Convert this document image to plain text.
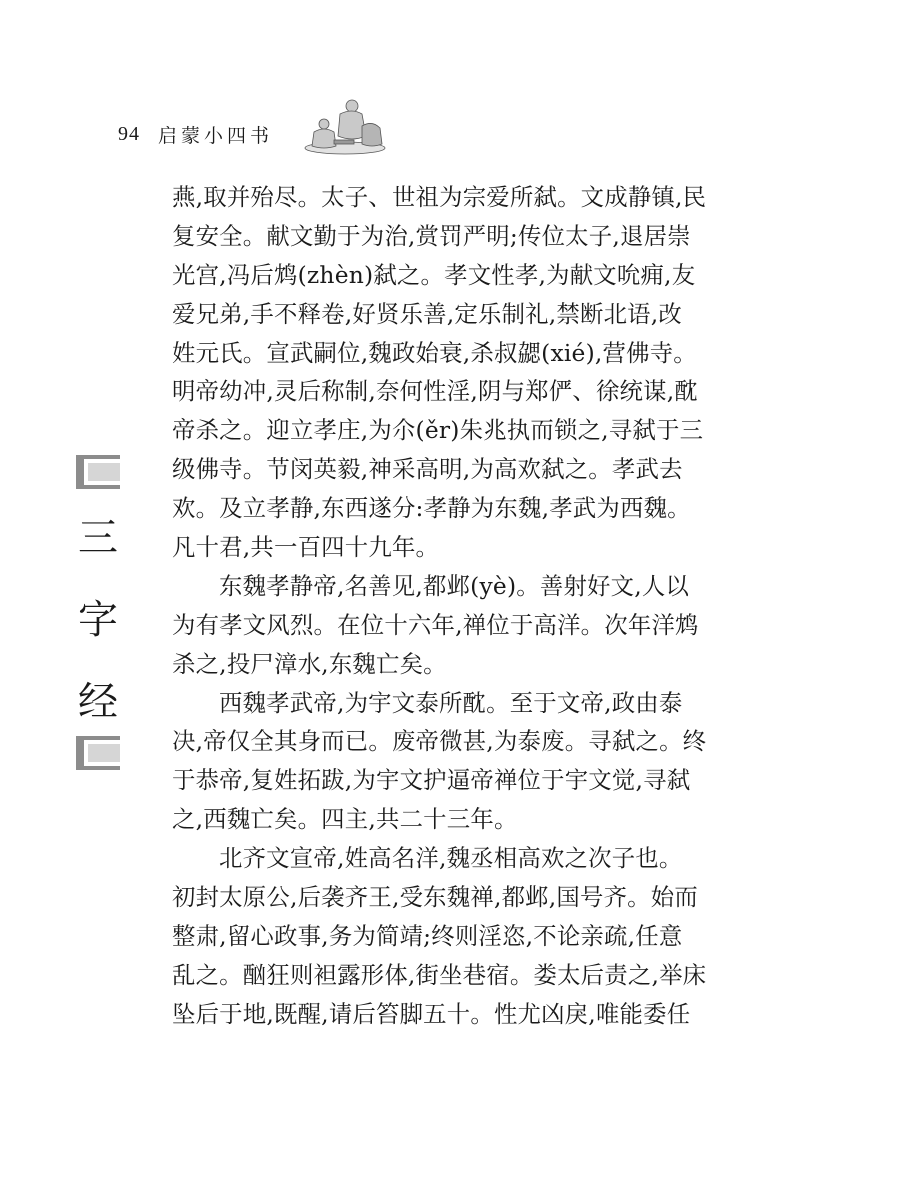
94 启蒙小四书
三
字
经
燕,取并殆尽。太子、世祖为宗爱所弑。文成静镇,民
复安全。献文勤于为治,赏罚严明;传位太子,退居崇
光宫,冯后鸩(zhèn)弑之。孝文性孝,为献文吮痈,友
爱兄弟,手不释卷,好贤乐善,定乐制礼,禁断北语,改
姓元氏。宣武嗣位,魏政始衰,杀叔勰(xié),营佛寺。
明帝幼冲,灵后称制,奈何性淫,阴与郑俨、徐统谋,酖
帝杀之。迎立孝庄,为尒(ěr)朱兆执而锁之,寻弑于三
级佛寺。节闵英毅,神采高明,为高欢弑之。孝武去
欢。及立孝静,东西遂分:孝静为东魏,孝武为西魏。
凡十君,共一百四十九年。
东魏孝静帝,名善见,都邺(yè)。善射好文,人以
为有孝文风烈。在位十六年,禅位于高洋。次年洋鸩
杀之,投尸漳水,东魏亡矣。
西魏孝武帝,为宇文泰所酖。至于文帝,政由泰
决,帝仅全其身而已。废帝微甚,为泰废。寻弑之。终
于恭帝,复姓拓跋,为宇文护逼帝禅位于宇文觉,寻弑
之,西魏亡矣。四主,共二十三年。
北齐文宣帝,姓高名洋,魏丞相高欢之次子也。
初封太原公,后袭齐王,受东魏禅,都邺,国号齐。始而
整肃,留心政事,务为简靖;终则淫恣,不论亲疏,任意
乱之。酗狂则袒露形体,街坐巷宿。娄太后责之,举床
坠后于地,既醒,请后笞脚五十。性尤凶戾,唯能委任
